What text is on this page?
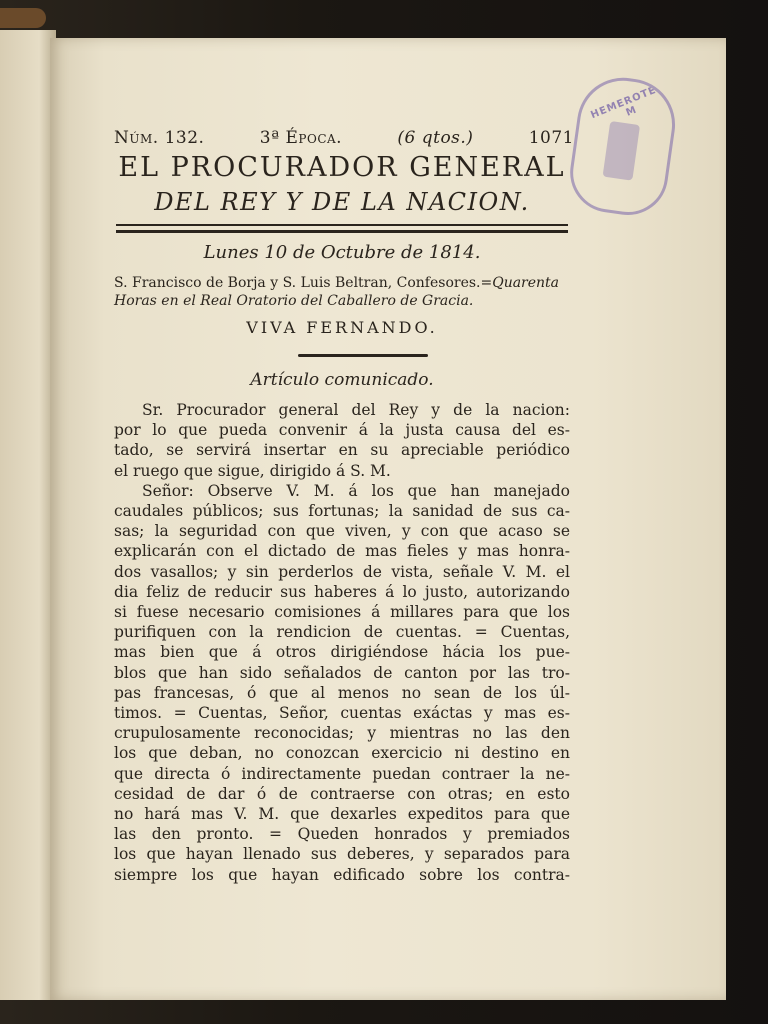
HEMEROTECA M
Núm. 132.	3ª Época.	(6 qtos.)	1071
EL PROCURADOR GENERAL
DEL REY Y DE LA NACION.
Lunes 10 de Octubre de 1814.
S. Francisco de Borja y S. Luis Beltran, Confesores.=Quarenta
Horas en el Real Oratorio del Caballero de Gracia.
VIVA FERNANDO.
Artículo comunicado.
Sr. Procurador general del Rey y de la nacion:
por lo que pueda convenir á la justa causa del es-
tado, se servirá insertar en su apreciable periódico
el ruego que sigue, dirigido á S. M.
Señor: Observe V. M. á los que han manejado
caudales públicos; sus fortunas; la sanidad de sus ca-
sas; la seguridad con que viven, y con que acaso se
explicarán con el dictado de mas fieles y mas honra-
dos vasallos; y sin perderlos de vista, señale V. M. el
dia feliz de reducir sus haberes á lo justo, autorizando
si fuese necesario comisiones á millares para que los
purifiquen con la rendicion de cuentas. = Cuentas,
mas bien que á otros dirigiéndose hácia los pue-
blos que han sido señalados de canton por las tro-
pas francesas, ó que al menos no sean de los úl-
timos. = Cuentas, Señor, cuentas exáctas y mas es-
crupulosamente reconocidas; y mientras no las den
los que deban, no conozcan exercicio ni destino en
que directa ó indirectamente puedan contraer la ne-
cesidad de dar ó de contraerse con otras; en esto
no hará mas V. M. que dexarles expeditos para que
las den pronto. = Queden honrados y premiados
los que hayan llenado sus deberes, y separados para
siempre los que hayan edificado sobre los contra-
